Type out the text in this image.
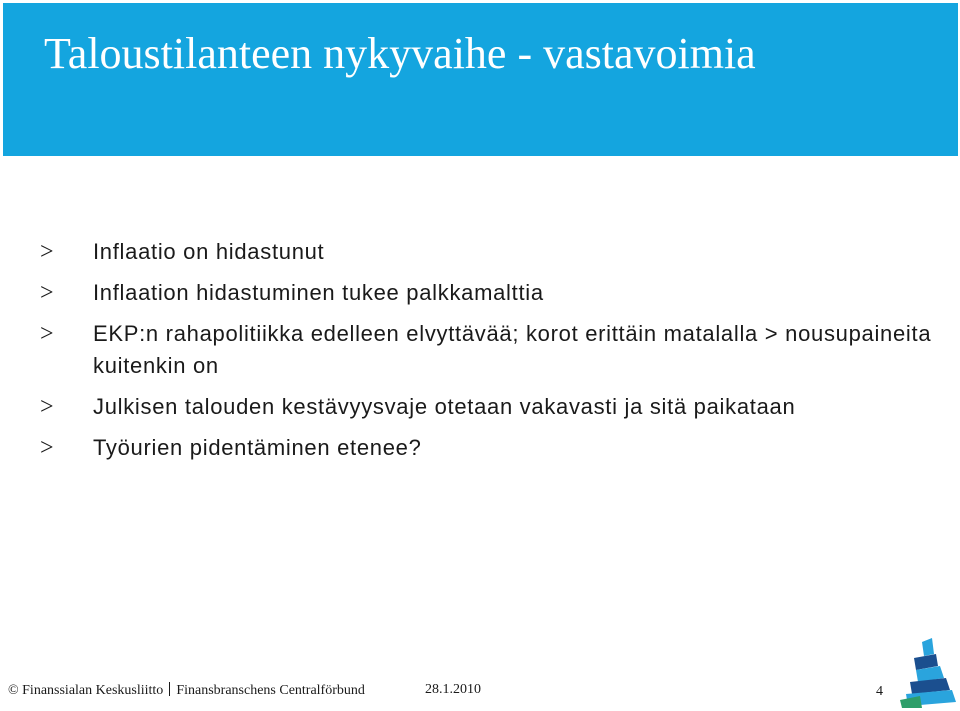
Taloustilanteen nykyvaihe - vastavoimia
> Inflaatio on hidastunut
> Inflaation hidastuminen tukee palkkamalttia
> EKP:n rahapolitiikka edelleen elvyttävää; korot erittäin matalalla > nousupaineita kuitenkin on
> Julkisen talouden kestävyysvaje otetaan vakavasti ja sitä paikataan
> Työurien pidentäminen etenee?
© Finanssialan Keskusliitto Finansbranschens Centralförbund	28.1.2010	4
